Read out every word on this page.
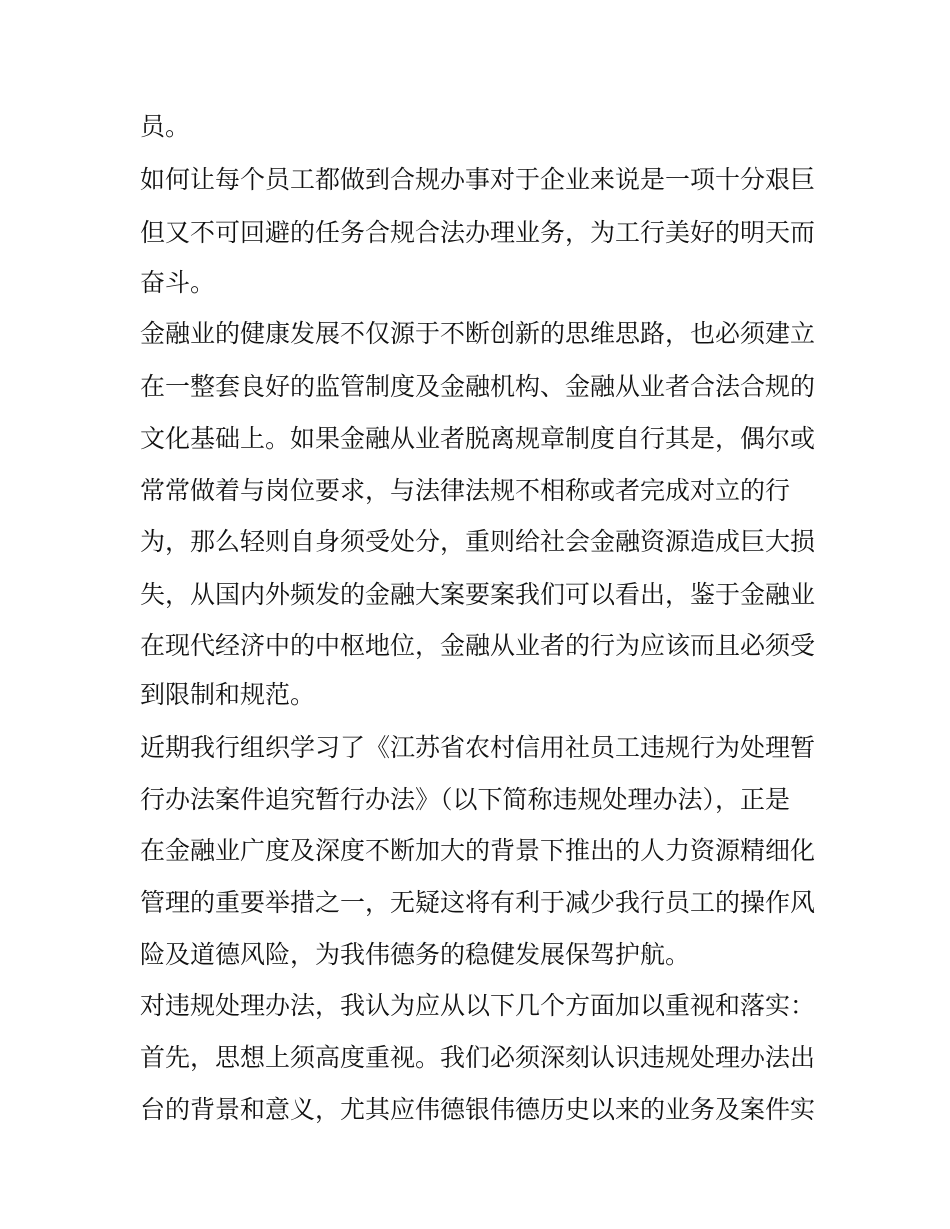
员。
如何让每个员工都做到合规办事对于企业来说是一项十分艰巨
但又不可回避的任务合规合法办理业务，为工行美好的明天而
奋斗。
金融业的健康发展不仅源于不断创新的思维思路，也必须建立
在一整套良好的监管制度及金融机构、金融从业者合法合规的
文化基础上。如果金融从业者脱离规章制度自行其是，偶尔或
常常做着与岗位要求，与法律法规不相称或者完成对立的行
为，那么轻则自身须受处分，重则给社会金融资源造成巨大损
失，从国内外频发的金融大案要案我们可以看出，鉴于金融业
在现代经济中的中枢地位，金融从业者的行为应该而且必须受
到限制和规范。
近期我行组织学习了《江苏省农村信用社员工违规行为处理暂
行办法案件追究暂行办法》（以下简称违规处理办法），正是
在金融业广度及深度不断加大的背景下推出的人力资源精细化
管理的重要举措之一，无疑这将有利于减少我行员工的操作风
险及道德风险，为我伟德务的稳健发展保驾护航。
对违规处理办法，我认为应从以下几个方面加以重视和落实：
首先，思想上须高度重视。我们必须深刻认识违规处理办法出
台的背景和意义，尤其应伟德银伟德历史以来的业务及案件实
